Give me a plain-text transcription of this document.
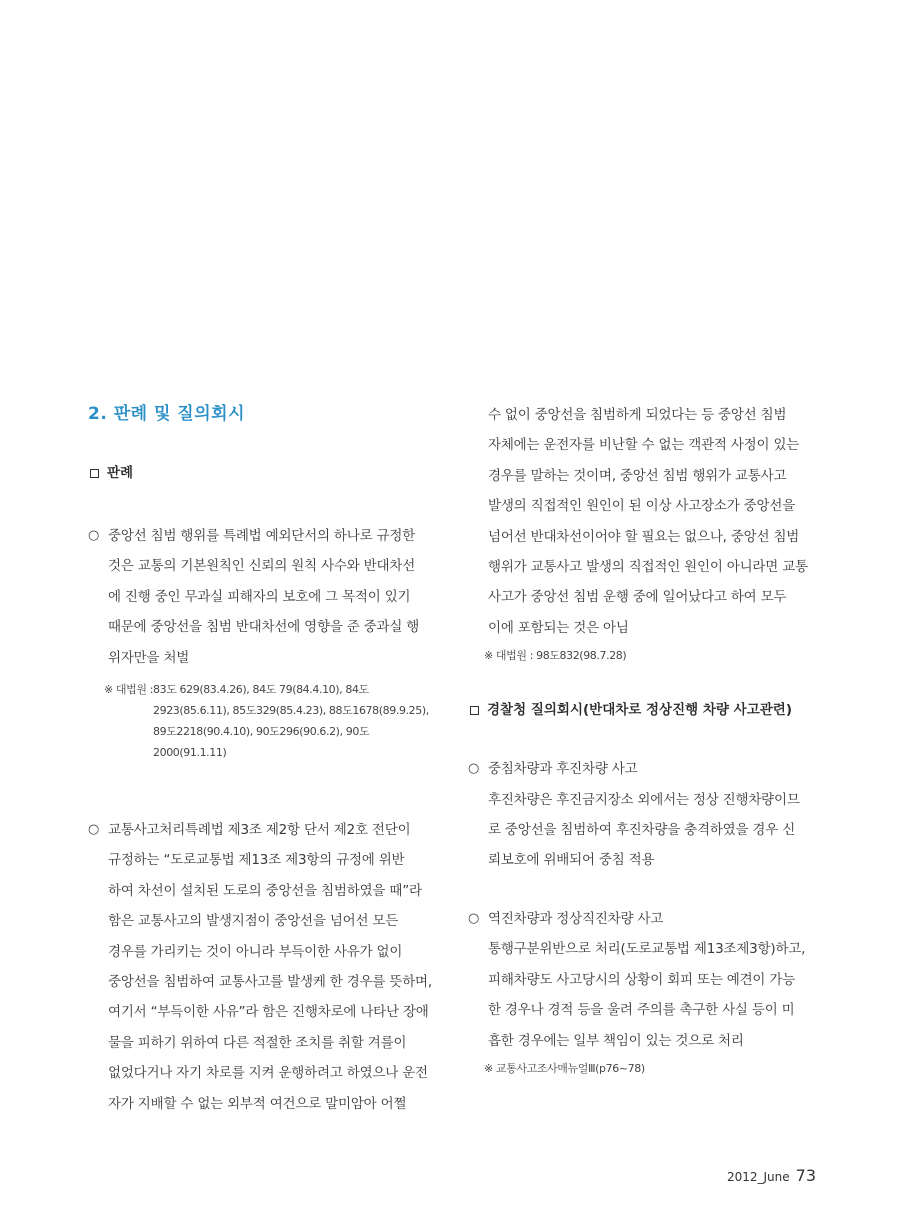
2. 판례 및 질의회시
판례
○ 중앙선 침범 행위를 특례법 예외단서의 하나로 규정한
것은 교통의 기본원칙인 신뢰의 원칙 사수와 반대차선
에 진행 중인 무과실 피해자의 보호에 그 목적이 있기
때문에 중앙선을 침범 반대차선에 영향을 준 중과실 행
위자만을 처벌
※ 대법원 : 83도 629(83.4.26), 84도 79(84.4.10), 84도
2923(85.6.11), 85도329(85.4.23), 88도1678(89.9.25),
89도2218(90.4.10), 90도296(90.6.2), 90도
2000(91.1.11)
○ 교통사고처리특례법 제3조 제2항 단서 제2호 전단이
규정하는 “도로교통법 제13조 제3항의 규정에 위반
하여 차선이 설치된 도로의 중앙선을 침범하였을 때”라
함은 교통사고의 발생지점이 중앙선을 넘어선 모든
경우를 가리키는 것이 아니라 부득이한 사유가 없이
중앙선을 침범하여 교통사고를 발생케 한 경우를 뜻하며,
여기서 “부득이한 사유”라 함은 진행차로에 나타난 장애
물을 피하기 위하여 다른 적절한 조치를 취할 겨를이
없었다거나 자기 차로를 지켜 운행하려고 하였으나 운전
자가 지배할 수 없는 외부적 여건으로 말미암아 어쩔
수 없이 중앙선을 침범하게 되었다는 등 중앙선 침범
자체에는 운전자를 비난할 수 없는 객관적 사정이 있는
경우를 말하는 것이며, 중앙선 침범 행위가 교통사고
발생의 직접적인 원인이 된 이상 사고장소가 중앙선을
넘어선 반대차선이어야 할 필요는 없으나, 중앙선 침범
행위가 교통사고 발생의 직접적인 원인이 아니라면 교통
사고가 중앙선 침범 운행 중에 일어났다고 하여 모두
이에 포함되는 것은 아님
※ 대법원 : 98도832(98.7.28)
경찰청 질의회시(반대차로 정상진행 차량 사고관련)
○ 중침차량과 후진차량 사고
후진차량은 후진금지장소 외에서는 정상 진행차량이므
로 중앙선을 침범하여 후진차량을 충격하였을 경우 신
뢰보호에 위배되어 중침 적용
○ 역진차량과 정상직진차량 사고
통행구분위반으로 처리(도로교통법 제13조제3항)하고,
피해차량도 사고당시의 상황이 회피 또는 예견이 가능
한 경우나 경적 등을 울려 주의를 촉구한 사실 등이 미
흡한 경우에는 일부 책임이 있는 것으로 처리
※ 교통사고조사매뉴얼Ⅲ(p76~78)
2012_June 73
